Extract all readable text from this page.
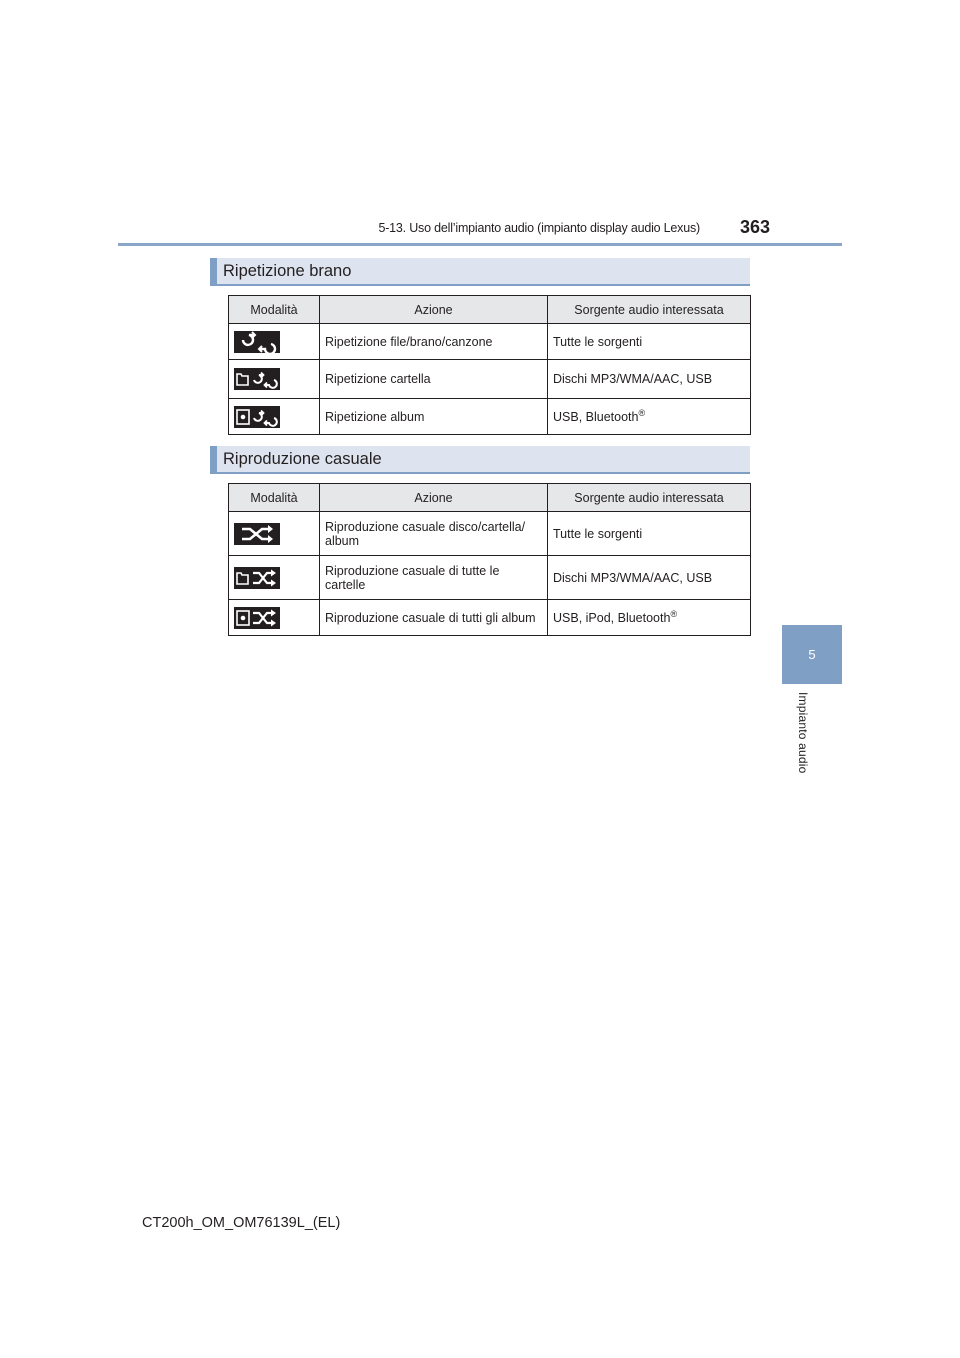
5-13. Uso dell’impianto audio (impianto display audio Lexus) 363
5
Impianto audio
Ripetizione brano
Modalità	Azione	Sorgente audio interessata

	Ripetizione file/brano/canzone	Tutte le sorgenti

	Ripetizione cartella	Dischi MP3/WMA/AAC, USB

	Ripetizione album	USB, Bluetooth®
Riproduzione casuale
Modalità	Azione	Sorgente audio interessata

	Riproduzione casuale disco/cartella/ album	Tutte le sorgenti

	Riproduzione casuale di tutte le cartelle	Dischi MP3/WMA/AAC, USB

	Riproduzione casuale di tutti gli album	USB, iPod, Bluetooth®
CT200h_OM_OM76139L_(EL)
